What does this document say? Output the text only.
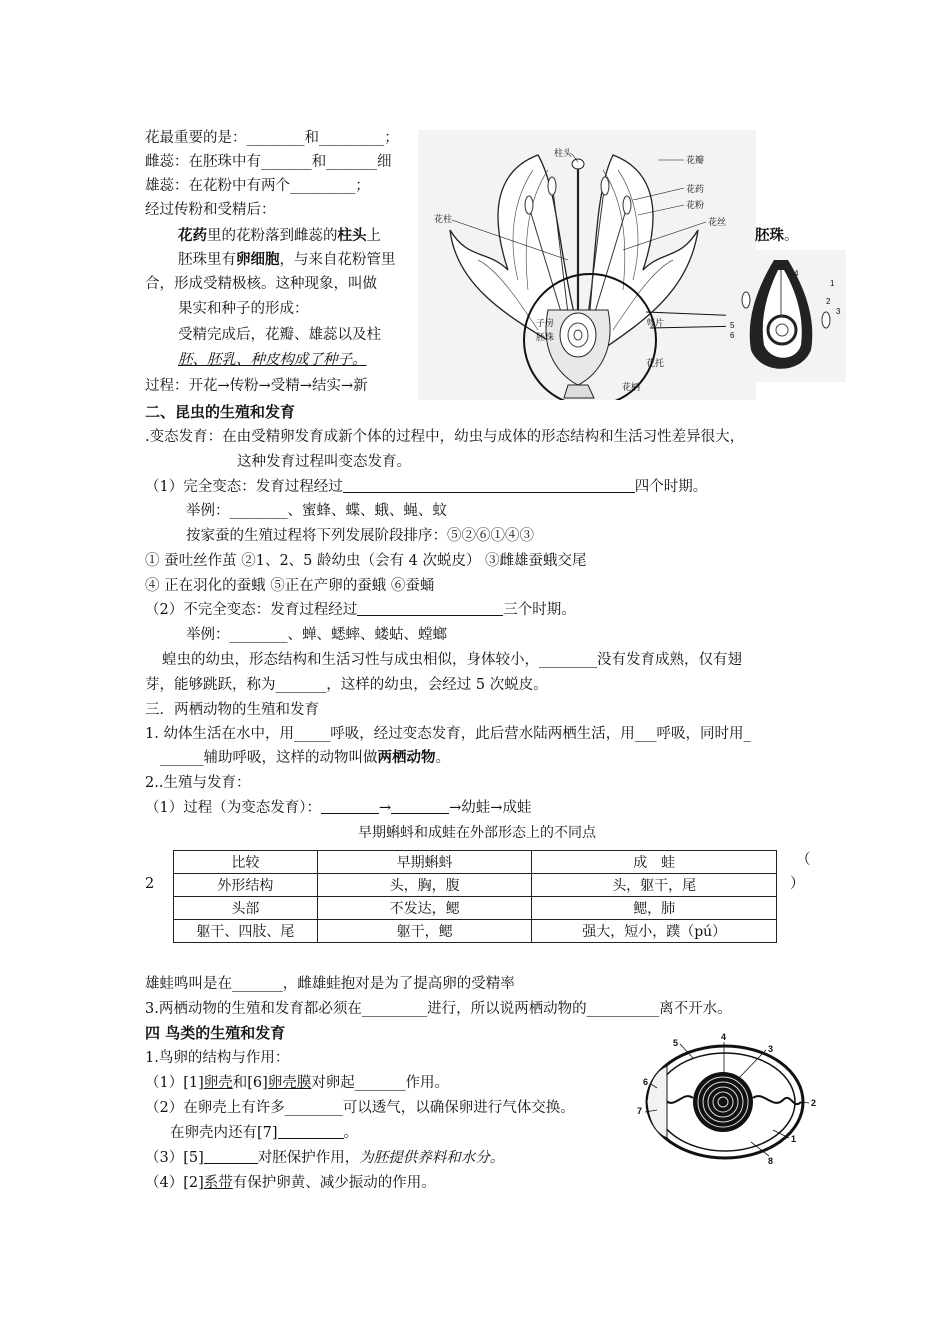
花最重要的是：________和_________；
雌蕊：在胚珠中有_______和_______细
雄蕊：在花粉中有两个_________；
经过传粉和受精后：
花药里的花粉落到雌蕊的柱头上
胚珠里有卵细胞，与来自花粉管里
合，形成受精极核。这种现象，叫做
果实和种子的形成：
受精完成后，花瓣、雄蕊以及柱
胚、胚乳、种皮构成了种子。
过程：开花→传粉→受精→结实→新
柱头
花瓣
花药
花粉
花丝
花柱
萼片
子房
胚珠
花托
花柄
4
1
2
3
5
6
胚珠。
二、昆虫的生殖和发育
.变态发育：在由受精卵发育成新个体的过程中，幼虫与成体的形态结构和生活习性差异很大，
这种发育过程叫变态发育。
（1）完全变态：发育过程经过	四个时期。
举例：________、蜜蜂、蝶、蛾、蝇、蚊
按家蚕的生殖过程将下列发展阶段排序：⑤②⑥①④③
① 蚕吐丝作茧 ②1、2、5 龄幼虫（会有 4 次蜕皮） ③雌雄蚕蛾交尾
④ 正在羽化的蚕蛾 ⑤正在产卵的蚕蛾 ⑥蚕蛹
（2）不完全变态：发育过程经过	三个时期。
举例：________、蝉、蟋蟀、蝼蛄、螳螂
蝗虫的幼虫，形态结构和生活习性与成虫相似，身体较小，________没有发育成熟，仅有翅
芽，能够跳跃，称为_______，这样的幼虫，会经过 5 次蜕皮。
三．两栖动物的生殖和发育
1. 幼体生活在水中，用_____呼吸，经过变态发育，此后营水陆两栖生活，用___呼吸，同时用_
______辅助呼吸，这样的动物叫做两栖动物。
2..生殖与发育：
（1）过程（为变态发育）：	→	→幼蛙→成蛙
早期蝌蚪和成蛙在外部形态上的不同点
2
（
）
比较	早期蝌蚪	成　蛙
外形结构	头，胸，腹	头，躯干，尾
头部	不发达，鳃	鳃，肺
躯干、四肢、尾	躯干，鳃	强大，短小，蹼（pú）
雄蛙鸣叫是在_______，雌雄蛙抱对是为了提高卵的受精率
3.两栖动物的生殖和发育都必须在_________进行，所以说两栖动物的__________离不开水。
四 鸟类的生殖和发育
1.鸟卵的结构与作用：
（1）[1]卵壳和[6]卵壳膜对卵起_______作用。
（2）在卵壳上有许多________可以透气，以确保卵进行气体交换。
在卵壳内还有[7]	。
（3）[5]	对胚保护作用，为胚提供养料和水分。
（4）[2]系带有保护卵黄、减少振动的作用。
1
2
3
4
5
6
7
8
